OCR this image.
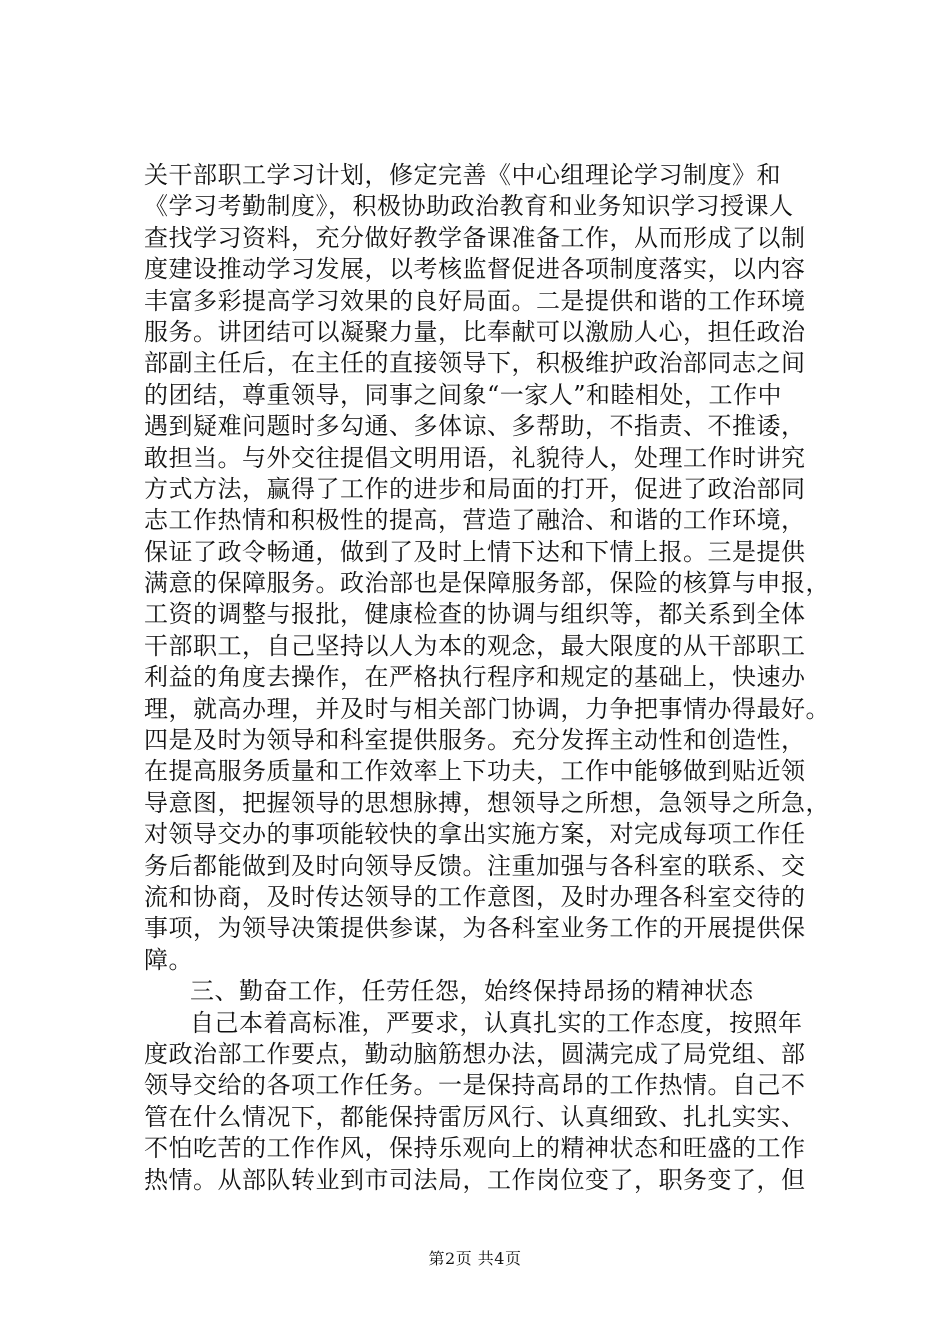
关干部职工学习计划，修定完善《中心组理论学习制度》和
《学习考勤制度》，积极协助政治教育和业务知识学习授课人
查找学习资料，充分做好教学备课准备工作，从而形成了以制
度建设推动学习发展，以考核监督促进各项制度落实，以内容
丰富多彩提高学习效果的良好局面。二是提供和谐的工作环境
服务。讲团结可以凝聚力量，比奉献可以激励人心，担任政治
部副主任后，在主任的直接领导下，积极维护政治部同志之间
的团结，尊重领导，同事之间象“一家人”和睦相处，工作中
遇到疑难问题时多勾通、多体谅、多帮助，不指责、不推诿，
敢担当。与外交往提倡文明用语，礼貌待人，处理工作时讲究
方式方法，赢得了工作的进步和局面的打开，促进了政治部同
志工作热情和积极性的提高，营造了融洽、和谐的工作环境，
保证了政令畅通，做到了及时上情下达和下情上报。三是提供
满意的保障服务。政治部也是保障服务部，保险的核算与申报，
工资的调整与报批，健康检查的协调与组织等，都关系到全体
干部职工，自己坚持以人为本的观念，最大限度的从干部职工
利益的角度去操作，在严格执行程序和规定的基础上，快速办
理，就高办理，并及时与相关部门协调，力争把事情办得最好。
四是及时为领导和科室提供服务。充分发挥主动性和创造性，
在提高服务质量和工作效率上下功夫，工作中能够做到贴近领
导意图，把握领导的思想脉搏，想领导之所想，急领导之所急，
对领导交办的事项能较快的拿出实施方案，对完成每项工作任
务后都能做到及时向领导反馈。注重加强与各科室的联系、交
流和协商，及时传达领导的工作意图，及时办理各科室交待的
事项，为领导决策提供参谋，为各科室业务工作的开展提供保
障。
三、勤奋工作，任劳任怨，始终保持昂扬的精神状态
自己本着高标准，严要求，认真扎实的工作态度，按照年
度政治部工作要点，勤动脑筋想办法，圆满完成了局党组、部
领导交给的各项工作任务。一是保持高昂的工作热情。自己不
管在什么情况下，都能保持雷厉风行、认真细致、扎扎实实、
不怕吃苦的工作作风，保持乐观向上的精神状态和旺盛的工作
热情。从部队转业到市司法局，工作岗位变了，职务变了，但
第2页 共4页
